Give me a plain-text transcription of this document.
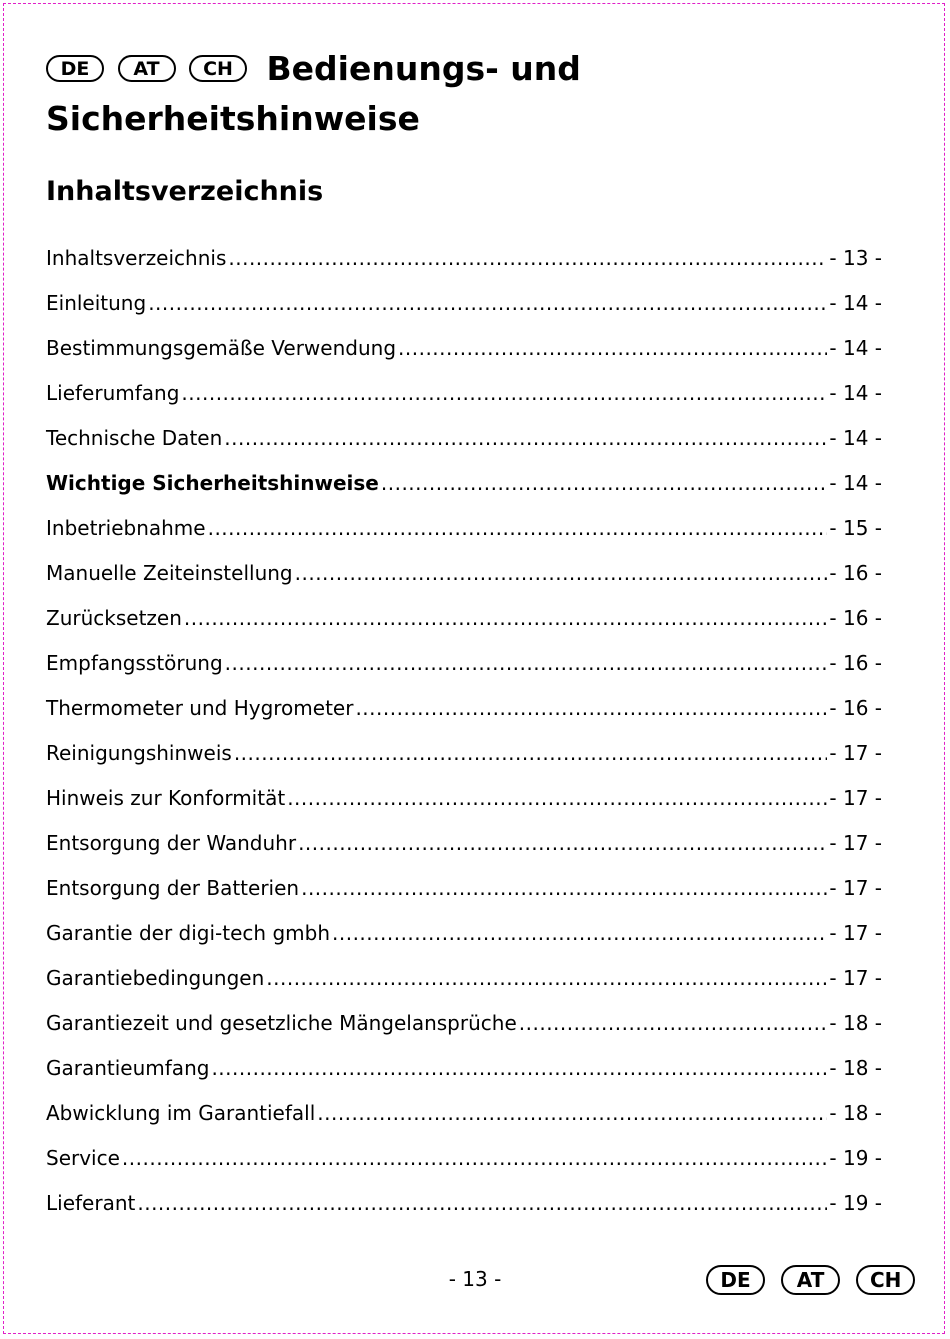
DE AT CH Bedienungs- und Sicherheitshinweise
Inhaltsverzeichnis
Inhaltsverzeichnis .....	- 13 -
Einleitung .....	- 14 -
Bestimmungsgemäße Verwendung .....	- 14 -
Lieferumfang .....	- 14 -
Technische Daten .....	- 14 -
Wichtige Sicherheitshinweise .....	- 14 -
Inbetriebnahme .....	- 15 -
Manuelle Zeiteinstellung .....	- 16 -
Zurücksetzen .....	- 16 -
Empfangsstörung .....	- 16 -
Thermometer und Hygrometer .....	- 16 -
Reinigungshinweis .....	- 17 -
Hinweis zur Konformität .....	- 17 -
Entsorgung der Wanduhr .....	- 17 -
Entsorgung der Batterien .....	- 17 -
Garantie der digi-tech gmbh .....	- 17 -
Garantiebedingungen .....	- 17 -
Garantiezeit und gesetzliche Mängelansprüche .....	- 18 -
Garantieumfang .....	- 18 -
Abwicklung im Garantiefall .....	- 18 -
Service .....	- 19 -
Lieferant .....	- 19 -
- 13 -	DE AT CH
